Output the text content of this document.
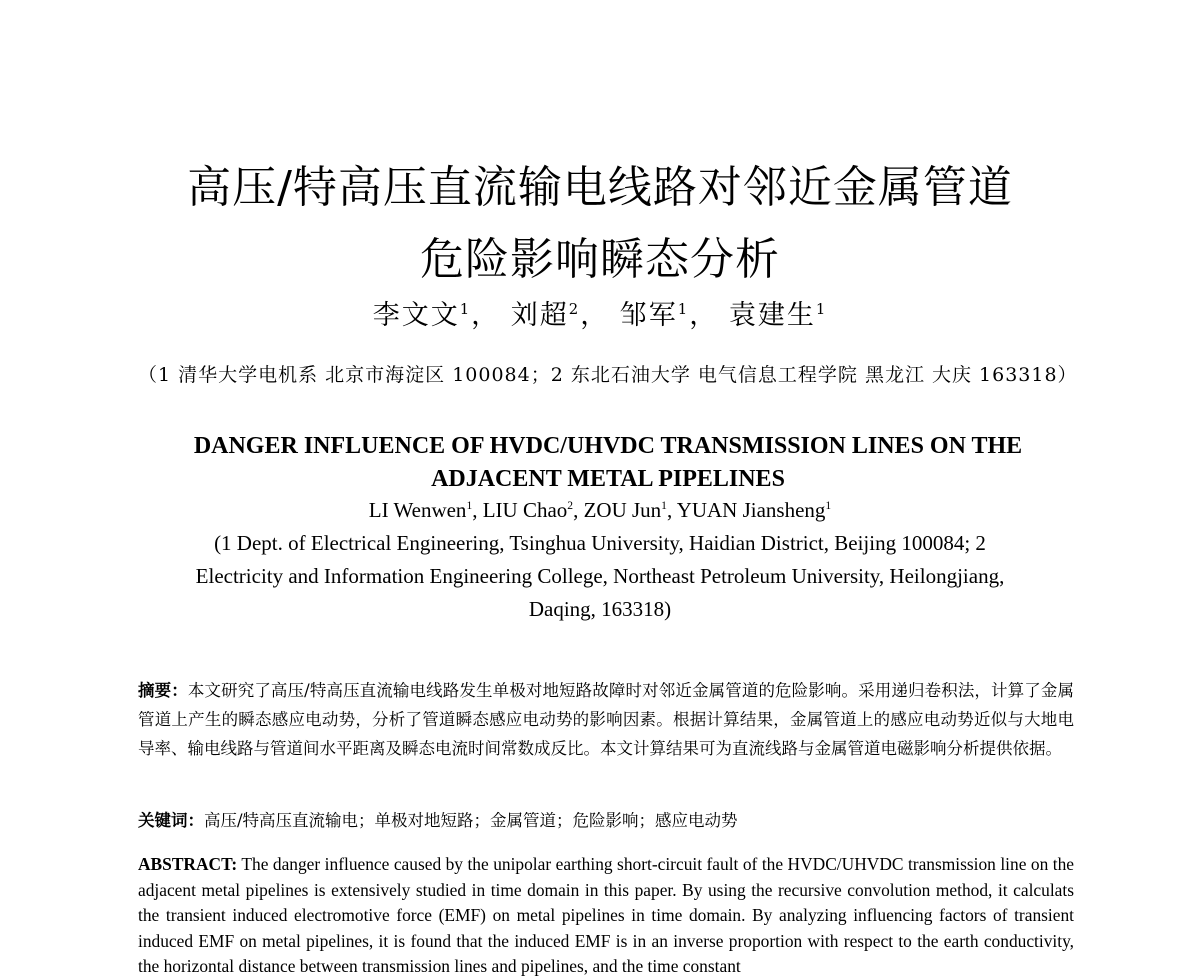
高压/特高压直流输电线路对邻近金属管道
危险影响瞬态分析
李文文$^1$， 刘超$^2$， 邹军$^1$， 袁建生$^1$
（1 清华大学电机系 北京市海淀区 100084；2 东北石油大学 电气信息工程学院 黑龙江 大庆 163318）
DANGER INFLUENCE OF HVDC/UHVDC TRANSMISSION LINES ON THE
ADJACENT METAL PIPELINES
LI Wenwen$^1$, LIU Chao$^2$, ZOU Jun$^1$, YUAN Jiansheng$^1$
(1 Dept. of Electrical Engineering, Tsinghua University, Haidian District, Beijing 100084; 2
Electricity and Information Engineering College, Northeast Petroleum University, Heilongjiang,
Daqing, 163318)
摘要：本文研究了高压/特高压直流输电线路发生单极对地短路故障时对邻近金属管道的危险影响。采用递归卷积法，计算了金属管道上产生的瞬态感应电动势，分析了管道瞬态感应电动势的影响因素。根据计算结果，金属管道上的感应电动势近似与大地电导率、输电线路与管道间水平距离及瞬态电流时间常数成反比。本文计算结果可为直流线路与金属管道电磁影响分析提供依据。
关键词：高压/特高压直流输电；单极对地短路；金属管道；危险影响；感应电动势
ABSTRACT: The danger influence caused by the unipolar earthing short-circuit fault of the HVDC/UHVDC transmission line on the adjacent metal pipelines is extensively studied in time domain in this paper. By using the recursive convolution method, it calculats the transient induced electromotive force (EMF) on metal pipelines in time domain. By analyzing influencing factors of transient induced EMF on metal pipelines, it is found that the induced EMF is in an inverse proportion with respect to the earth conductivity, the horizontal distance between transmission lines and pipelines, and the time constant
